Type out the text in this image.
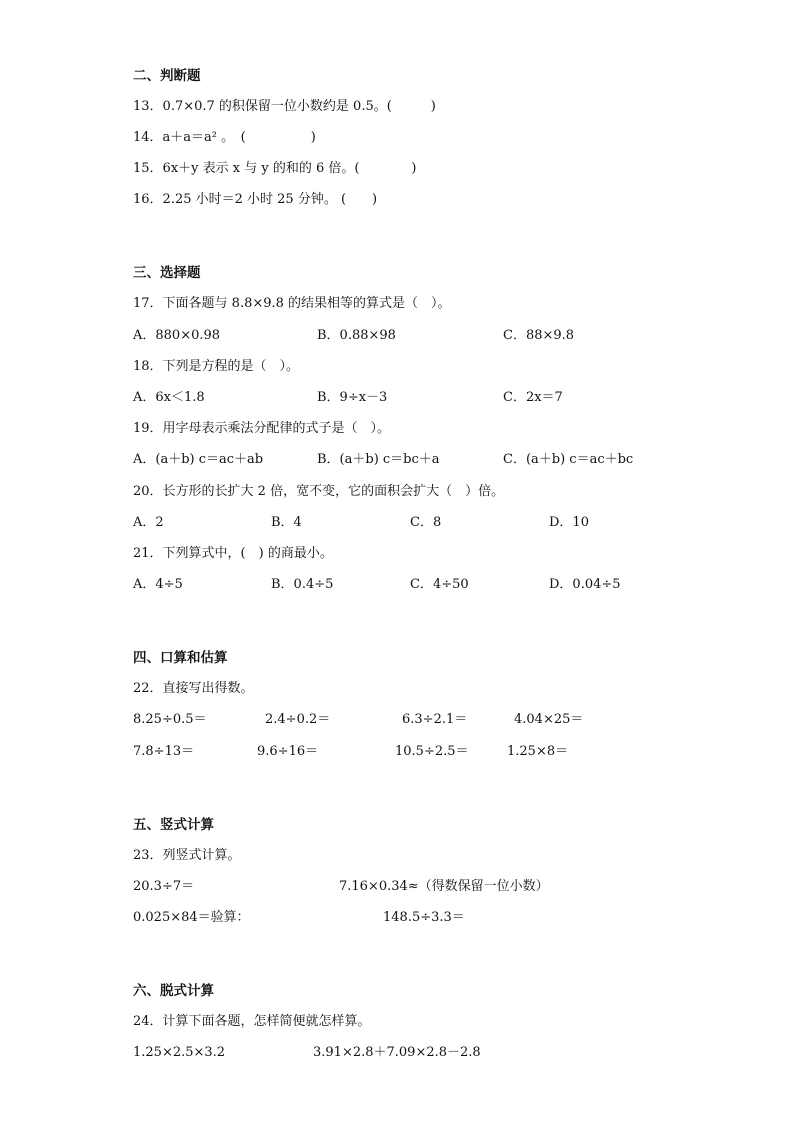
二、判断题
13．0.7×0.7 的积保留一位小数约是 0.5。(　　　)
14．a＋a＝a² 。　(　　　　　)
15．6x＋y 表示 x 与 y 的和的 6 倍。(　　　　)
16．2.25 小时＝2 小时 25 分钟。 (　　)
三、选择题
17．下面各题与 8.8×9.8 的结果相等的算式是（　）。
A．880×0.98	B．0.88×98	C．88×9.8
18．下列是方程的是（　）。
A．6x＜1.8	B．9÷x－3	C．2x＝7
19．用字母表示乘法分配律的式子是（　）。
A．(a＋b) c＝ac＋ab	B．(a＋b) c＝bc＋a	C．(a＋b) c＝ac＋bc
20．长方形的长扩大 2 倍，宽不变，它的面积会扩大（　）倍。
A．2	B．4	C．8	D．10
21．下列算式中，(　) 的商最小。
A．4÷5	B．0.4÷5	C．4÷50	D．0.04÷5
四、口算和估算
22．直接写出得数。
8.25÷0.5＝	2.4÷0.2＝	6.3÷2.1＝	4.04×25＝
7.8÷13＝	9.6÷16＝	10.5÷2.5＝	1.25×8＝
五、竖式计算
23．列竖式计算。
20.3÷7＝	7.16×0.34≈（得数保留一位小数）
0.025×84＝验算：	148.5÷3.3＝
六、脱式计算
24．计算下面各题，怎样简便就怎样算。
1.25×2.5×3.2	3.91×2.8＋7.09×2.8－2.8
